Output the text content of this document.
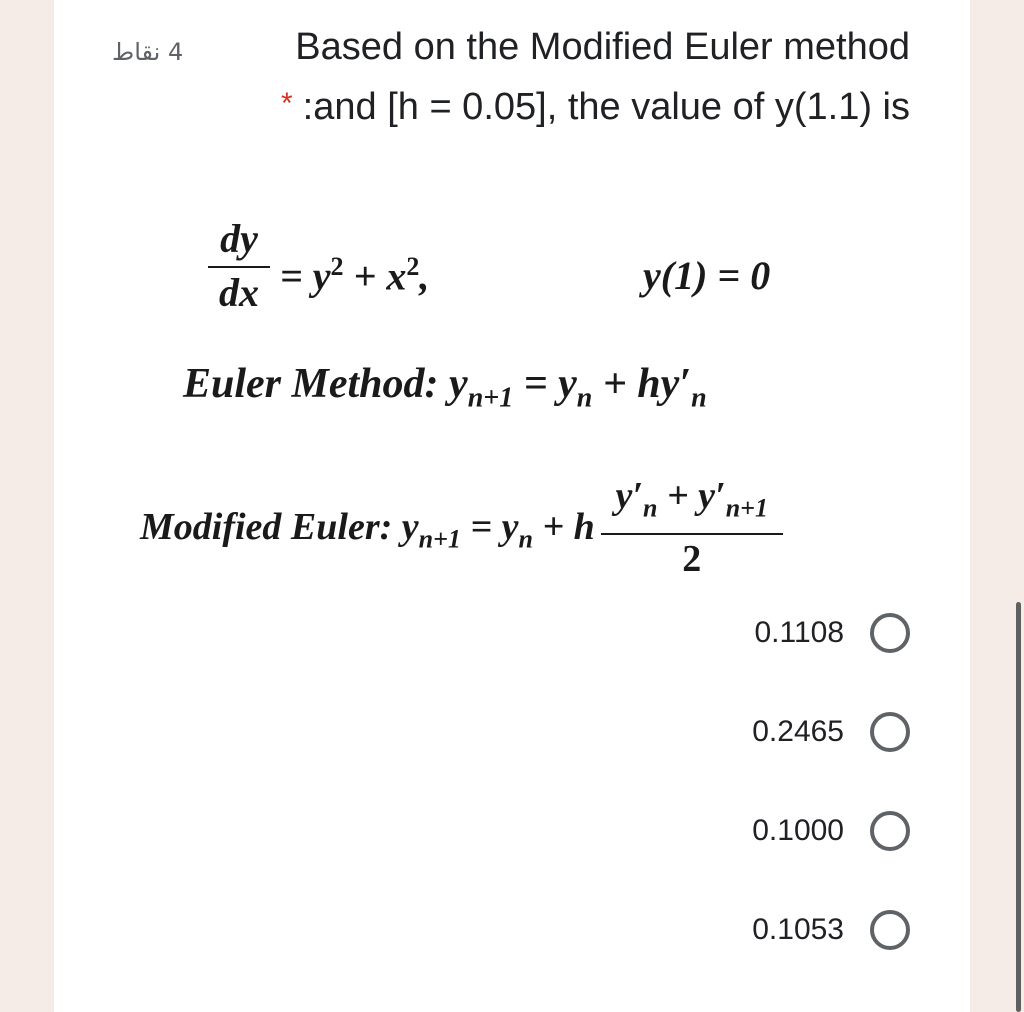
4 نقاط	Based on the Modified Euler method
* :and [h = 0.05], the value of y(1.1) is
dy
dx = $y^2 + x^2$,	y(1) = 0
Euler Method: $y_{n+1} = y_n + hy'_n$
Modified Euler: $y_{n+1} = y_n + h \frac{y'_n + y'_{n+1}}{2}$
0.1108
0.2465
0.1000
0.1053
